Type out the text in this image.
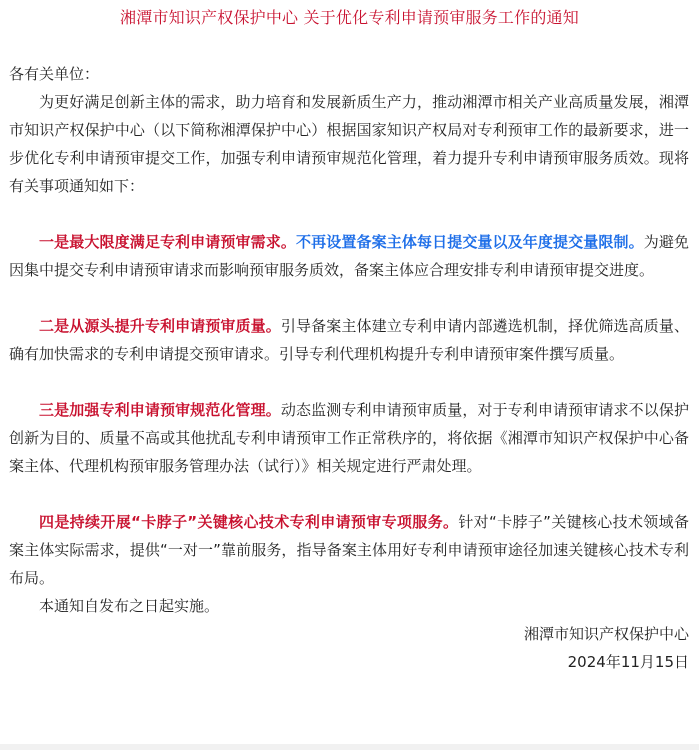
湘潭市知识产权保护中心 关于优化专利申请预审服务工作的通知

各有关单位：

为更好满足创新主体的需求，助力培育和发展新质生产力，推动湘潭市相关产业高质量发展，湘潭市知识产权保护中心（以下简称湘潭保护中心）根据国家知识产权局对专利预审工作的最新要求，进一步优化专利申请预审提交工作，加强专利申请预审规范化管理，着力提升专利申请预审服务质效。现将有关事项通知如下：

一是最大限度满足专利申请预审需求。不再设置备案主体每日提交量以及年度提交量限制。为避免因集中提交专利申请预审请求而影响预审服务质效，备案主体应合理安排专利申请预审提交进度。

二是从源头提升专利申请预审质量。引导备案主体建立专利申请内部遴选机制，择优筛选高质量、确有加快需求的专利申请提交预审请求。引导专利代理机构提升专利申请预审案件撰写质量。

三是加强专利申请预审规范化管理。动态监测专利申请预审质量，对于专利申请预审请求不以保护创新为目的、质量不高或其他扰乱专利申请预审工作正常秩序的，将依据《湘潭市知识产权保护中心备案主体、代理机构预审服务管理办法（试行）》相关规定进行严肃处理。

四是持续开展“卡脖子”关键核心技术专利申请预审专项服务。针对“卡脖子”关键核心技术领域备案主体实际需求，提供“一对一”靠前服务，指导备案主体用好专利申请预审途径加速关键核心技术专利布局。

本通知自发布之日起实施。

湘潭市知识产权保护中心

2024年11月15日
